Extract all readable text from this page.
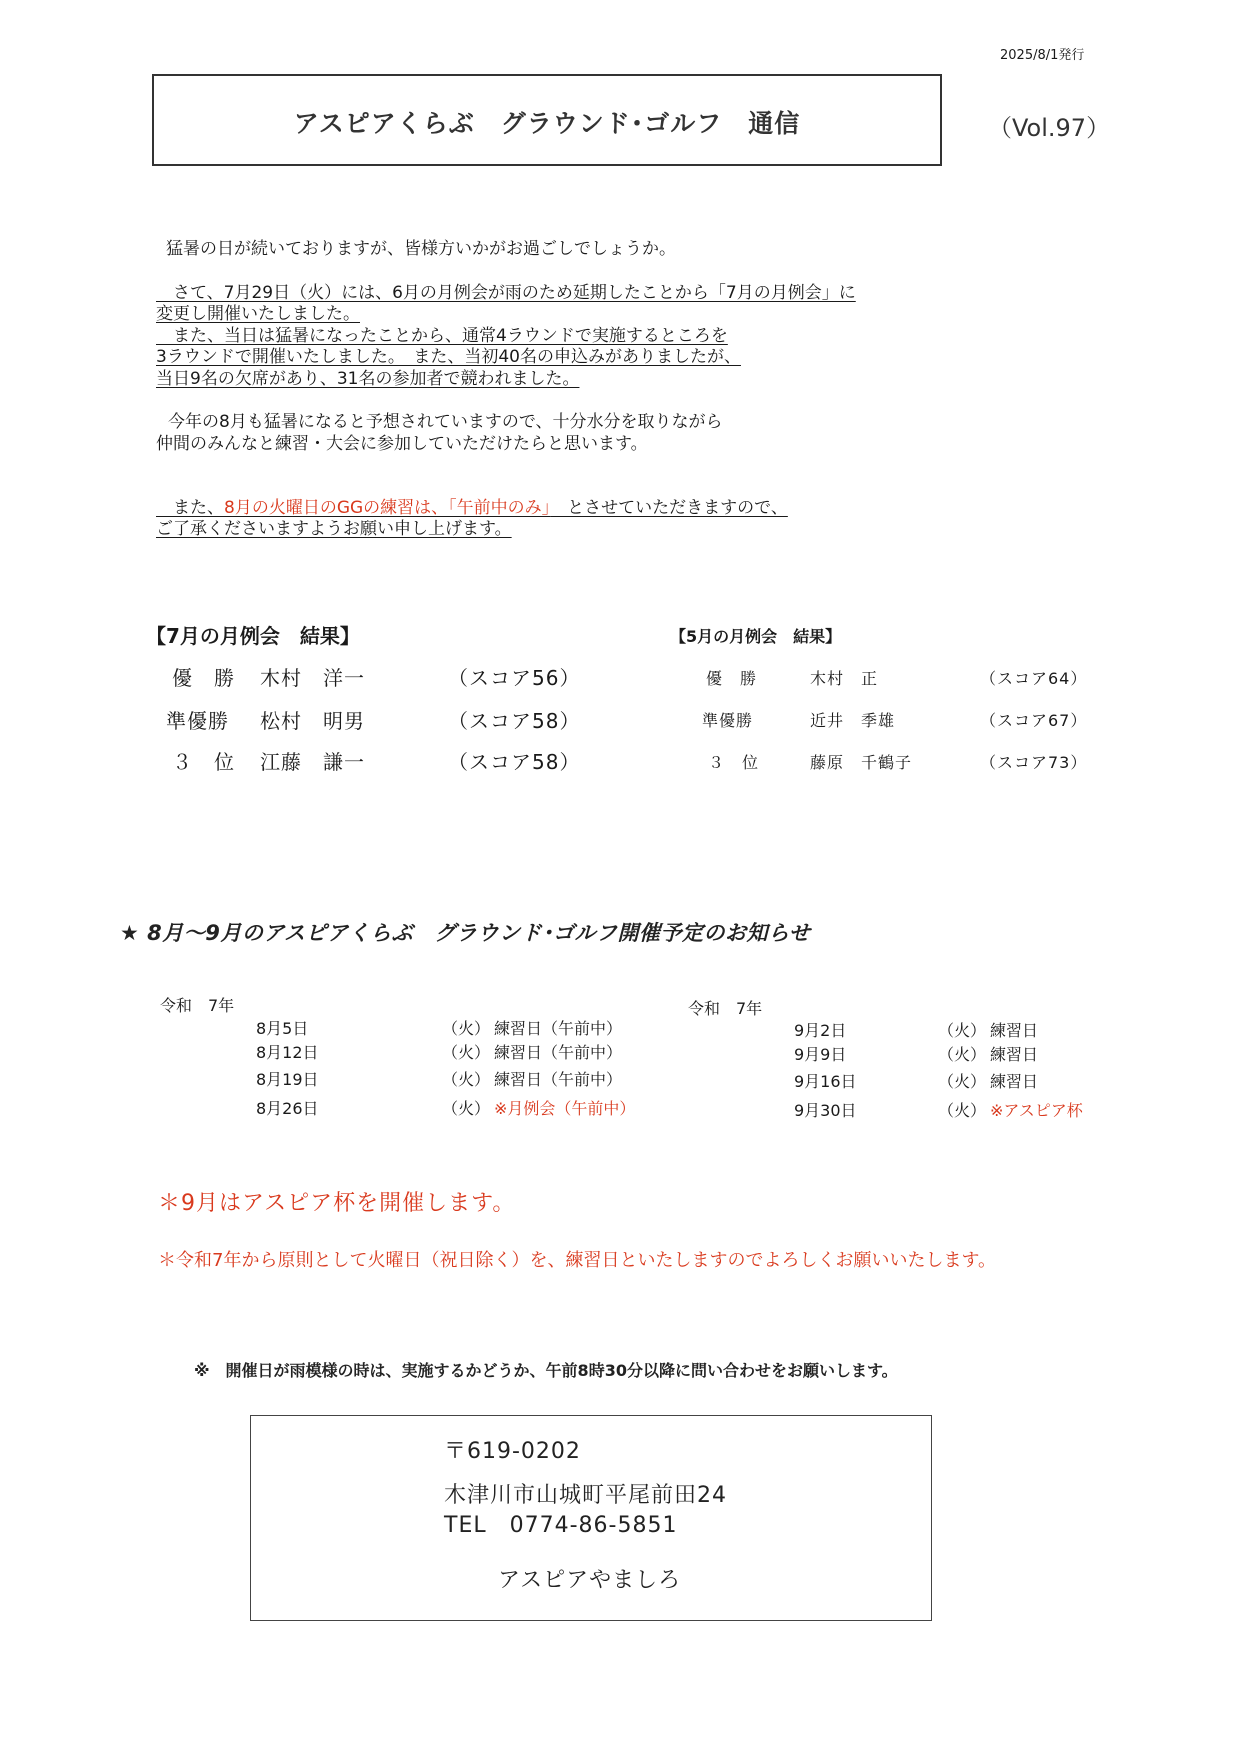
2025/8/1発行
アスピアくらぶ　グラウンド･ゴルフ　通信	（Vol.97）
猛暑の日が続いておりますが、皆様方いかがお過ごしでしょうか。
　さて、7月29日（火）には、6月の月例会が雨のため延期したことから「7月の月例会」に
変更し開催いたしました。
　また、当日は猛暑になったことから、通常4ラウンドで実施するところを
3ラウンドで開催いたしました。　また、当初40名の申込みがありましたが、
当日9名の欠席があり、31名の参加者で競われました。
今年の8月も猛暑になると予想されていますので、十分水分を取りながら
仲間のみんなと練習・大会に参加していただけたらと思います。
　また、8月の火曜日のGGの練習は、「午前中のみ」　とさせていただきますので、
ご了承くださいますようお願い申し上げます。
【7月の月例会　結果】
優　勝 木村　洋一	（スコア56）
準優勝 松村　明男	（スコア58）
３　位 江藤　謙一	（スコア58）
【5月の月例会　結果】
優　勝	木村　正	（スコア64）
準優勝	近井　季雄	（スコア67）
３　位	藤原　千鶴子	（スコア73）
★ 8月～9月のアスピアくらぶ　グラウンド･ゴルフ開催予定のお知らせ
令和　7年
8月5日	（火） 練習日（午前中）
8月12日	（火） 練習日（午前中）
8月19日	（火） 練習日（午前中）
8月26日	（火） ※月例会（午前中）
令和　7年
9月2日	（火） 練習日
9月9日	（火） 練習日
9月16日	（火） 練習日
9月30日	（火） ※アスピア杯
＊9月はアスピア杯を開催します。
＊令和7年から原則として火曜日（祝日除く）を、練習日といたしますのでよろしくお願いいたします。
※　開催日が雨模様の時は、実施するかどうか、午前8時30分以降に問い合わせをお願いします。
〒619-0202
木津川市山城町平尾前田24
TEL　0774-86-5851
アスピアやましろ
